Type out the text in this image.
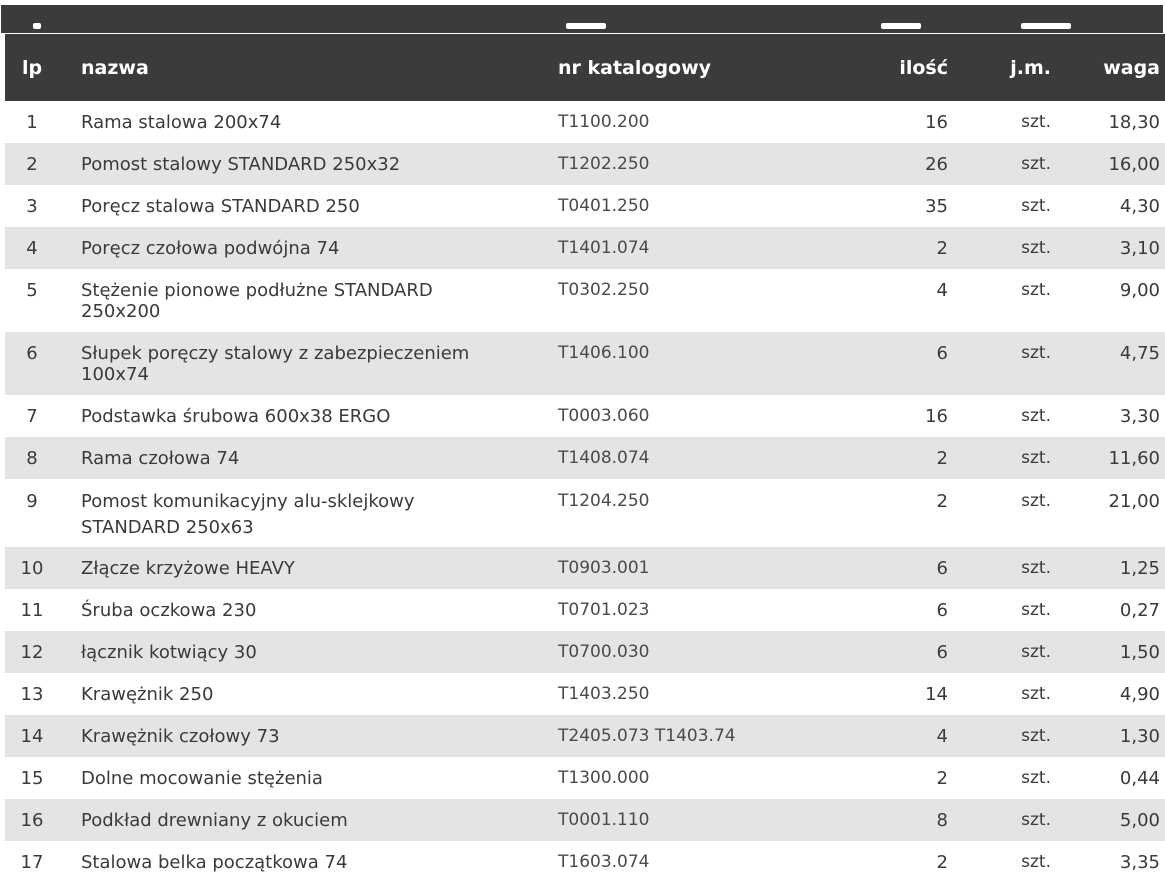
lp	nazwa	nr katalogowy	ilość	j.m.	waga
1	Rama stalowa 200x74	T1100.200	16	szt.	18,30
2	Pomost stalowy STANDARD 250x32	T1202.250	26	szt.	16,00
3	Poręcz stalowa STANDARD 250	T0401.250	35	szt.	4,30
4	Poręcz czołowa podwójna 74	T1401.074	2	szt.	3,10
5	Stężenie pionowe podłużne STANDARD 250x200	T0302.250	4	szt.	9,00
6	Słupek poręczy stalowy z zabezpieczeniem 100x74	T1406.100	6	szt.	4,75
7	Podstawka śrubowa 600x38 ERGO	T0003.060	16	szt.	3,30
8	Rama czołowa 74	T1408.074	2	szt.	11,60
9	Pomost komunikacyjny alu-sklejkowy STANDARD 250x63	T1204.250	2	szt.	21,00
10	Złącze krzyżowe HEAVY	T0903.001	6	szt.	1,25
11	Śruba oczkowa 230	T0701.023	6	szt.	0,27
12	łącznik kotwiący 30	T0700.030	6	szt.	1,50
13	Krawężnik 250	T1403.250	14	szt.	4,90
14	Krawężnik czołowy 73	T2405.073 T1403.74	4	szt.	1,30
15	Dolne mocowanie stężenia	T1300.000	2	szt.	0,44
16	Podkład drewniany z okuciem	T0001.110	8	szt.	5,00
17	Stalowa belka początkowa 74	T1603.074	2	szt.	3,35
